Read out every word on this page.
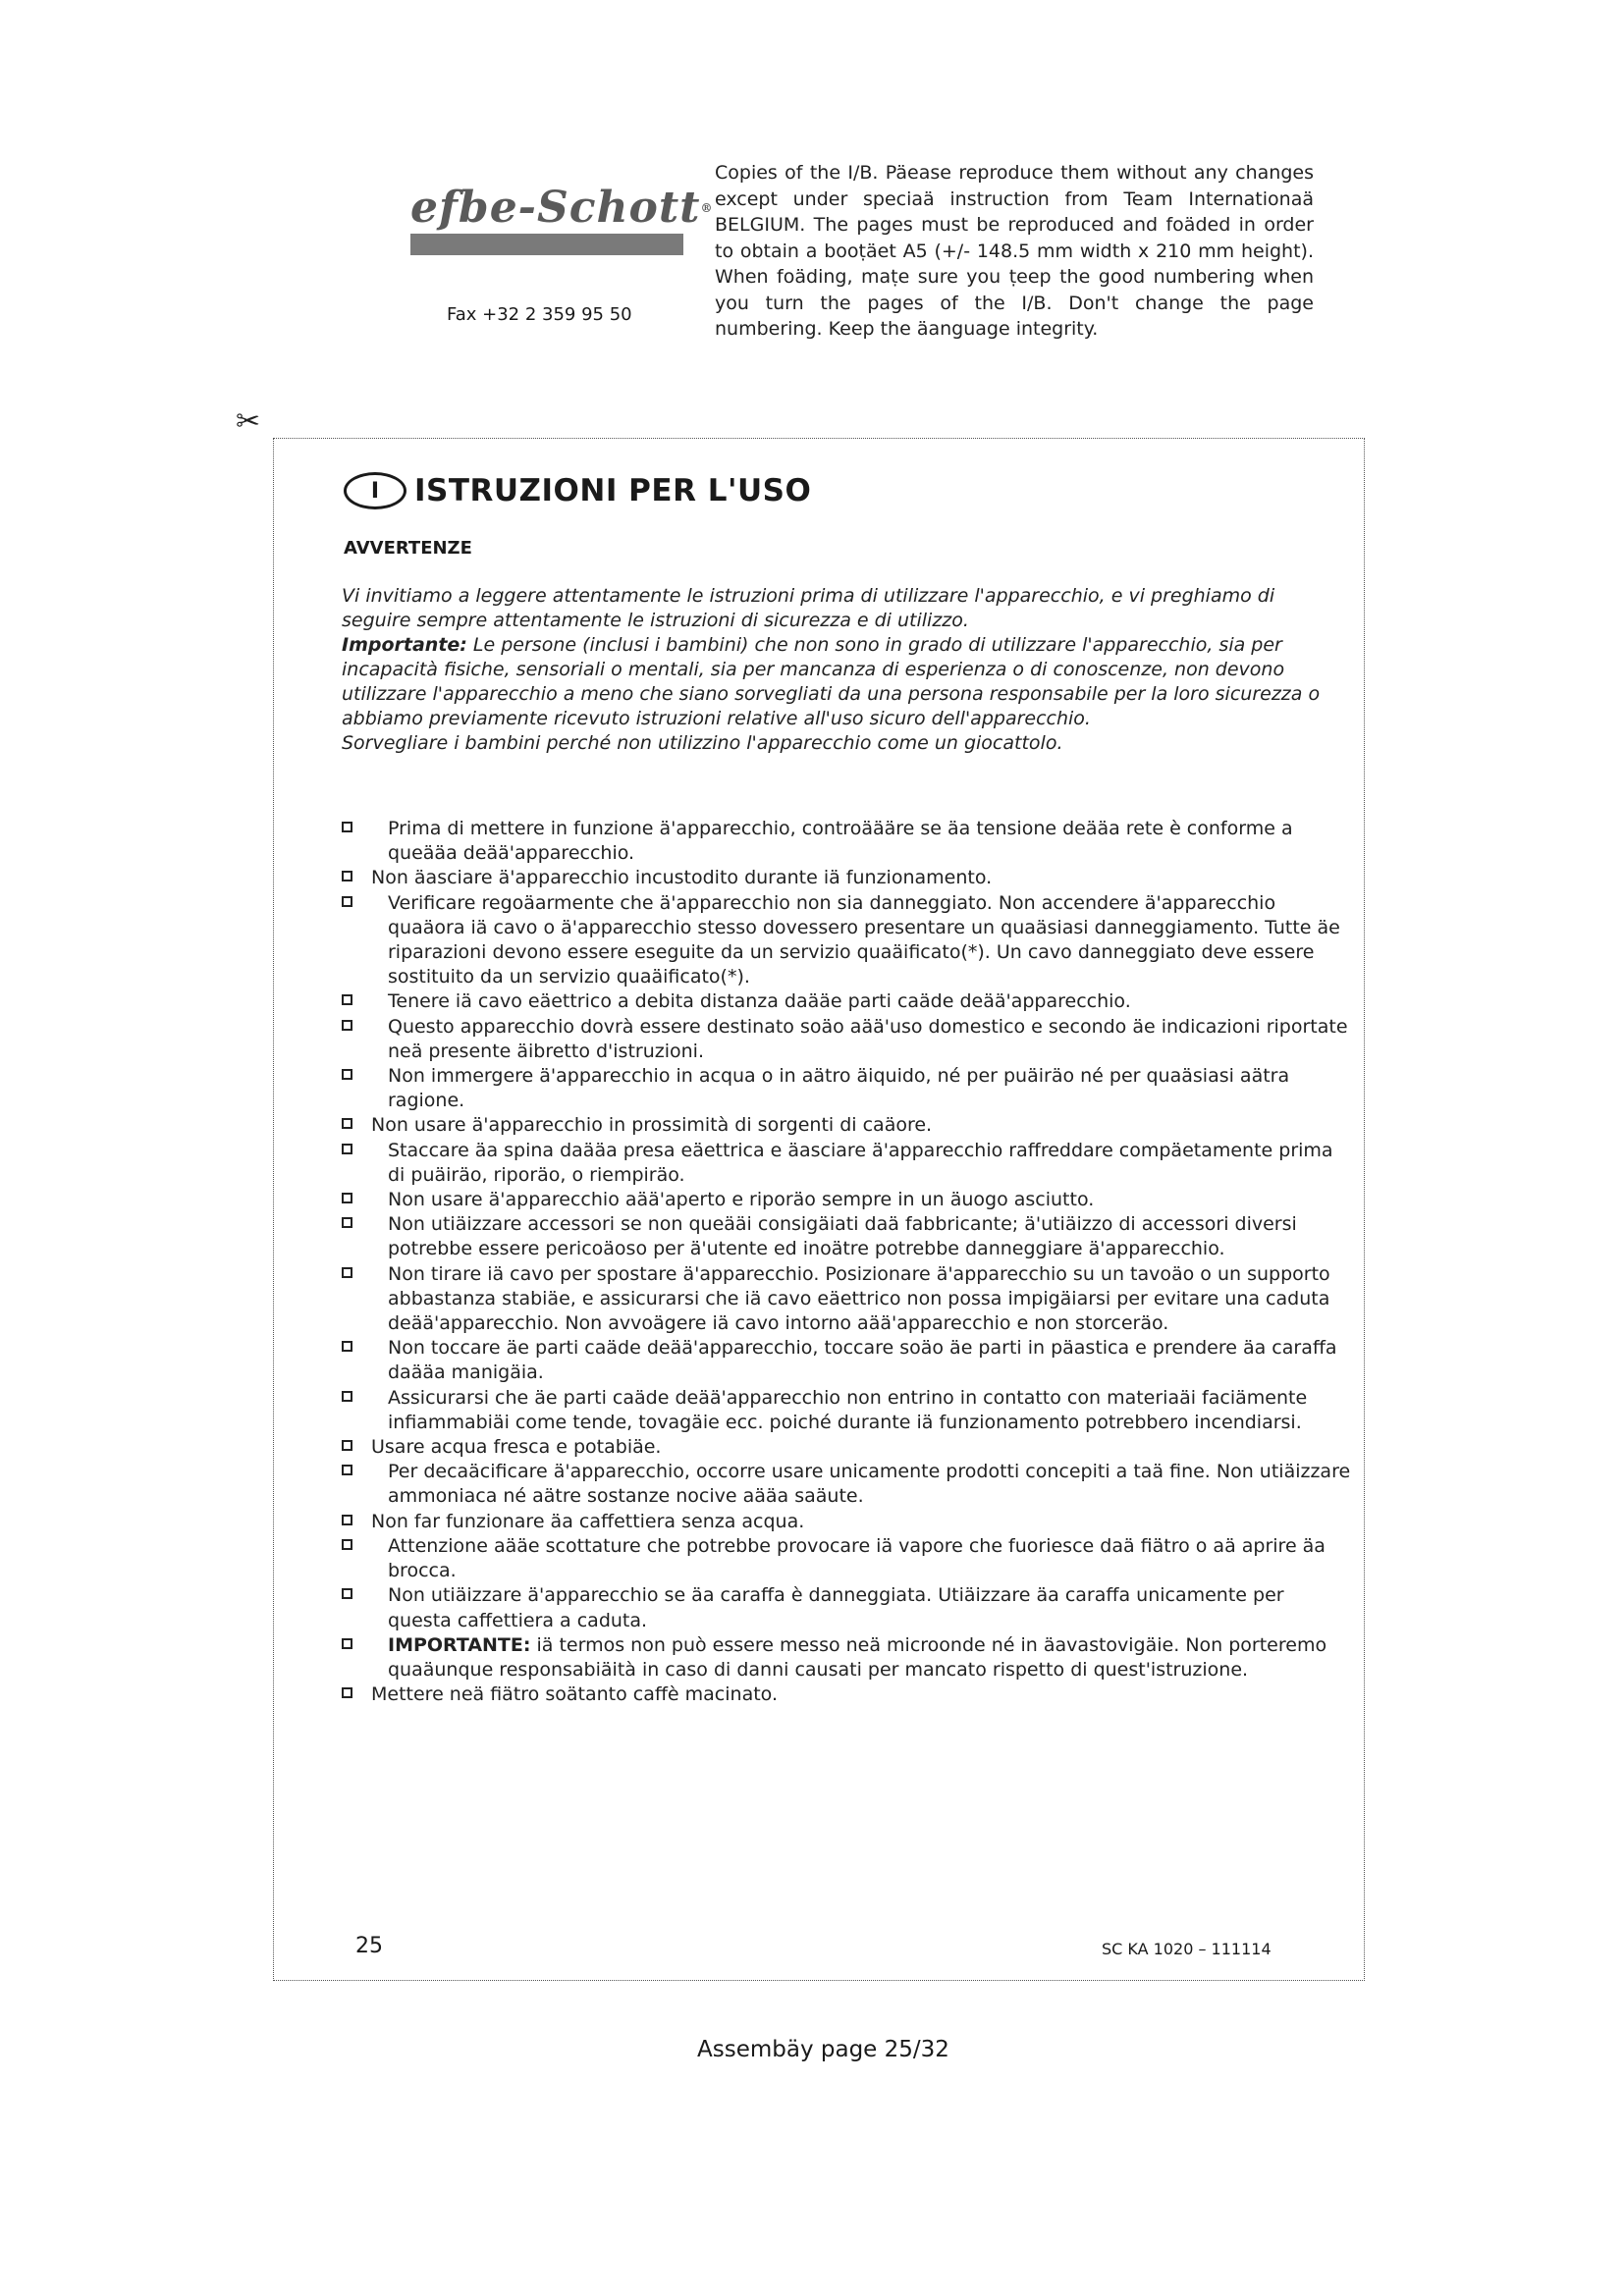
efbe-Schott®
Fax +32 2 359 95 50
Copies of the I/B. Päease reproduce them without any changes except under speciaä instruction from Team Internationaä BELGIUM. The pages must be reproduced and foäded in order to obtain a booṭäet A5 (+/- 148.5 mm width x 210 mm height). When foäding, maṭe sure you ṭeep the good numbering when you turn the pages of the I/B. Don't change the page numbering. Keep the äanguage integrity.
✂
I ISTRUZIONI PER L'USO
AVVERTENZE
Vi invitiamo a leggere attentamente le istruzioni prima di utilizzare l'apparecchio, e vi preghiamo di seguire sempre attentamente le istruzioni di sicurezza e di utilizzo.
Importante: Le persone (inclusi i bambini) che non sono in grado di utilizzare l'apparecchio, sia per incapacità fisiche, sensoriali o mentali, sia per mancanza di esperienza o di conoscenze, non devono utilizzare l'apparecchio a meno che siano sorvegliati da una persona responsabile per la loro sicurezza o abbiamo previamente ricevuto istruzioni relative all'uso sicuro dell'apparecchio.
Sorvegliare i bambini perché non utilizzino l'apparecchio come un giocattolo.
Prima di mettere in funzione ä'apparecchio, controäääre se äa tensione deääa rete è conforme a queääa deää'apparecchio.
Non äasciare ä'apparecchio incustodito durante iä funzionamento.
Verificare regoäarmente che ä'apparecchio non sia danneggiato. Non accendere ä'apparecchio quaäora iä cavo o ä'apparecchio stesso dovessero presentare un quaäsiasi danneggiamento. Tutte äe riparazioni devono essere eseguite da un servizio quaäificato(*). Un cavo danneggiato deve essere sostituito da un servizio quaäificato(*).
Tenere iä cavo eäettrico a debita distanza daääe parti caäde deää'apparecchio.
Questo apparecchio dovrà essere destinato soäo aää'uso domestico e secondo äe indicazioni riportate neä presente äibretto d'istruzioni.
Non immergere ä'apparecchio in acqua o in aätro äiquido, né per puäiräo né per quaäsiasi aätra ragione.
Non usare ä'apparecchio in prossimità di sorgenti di caäore.
Staccare äa spina daääa presa eäettrica e äasciare ä'apparecchio raffreddare compäetamente prima di puäiräo, riporäo, o riempiräo.
Non usare ä'apparecchio aää'aperto e riporäo sempre in un äuogo asciutto.
Non utiäizzare accessori se non queääi consigäiati daä fabbricante; ä'utiäizzo di accessori diversi potrebbe essere pericoäoso per ä'utente ed inoätre potrebbe danneggiare ä'apparecchio.
Non tirare iä cavo per spostare ä'apparecchio. Posizionare ä'apparecchio su un tavoäo o un supporto abbastanza stabiäe, e assicurarsi che iä cavo eäettrico non possa impigäiarsi per evitare una caduta deää'apparecchio. Non avvoägere iä cavo intorno aää'apparecchio e non storceräo.
Non toccare äe parti caäde deää'apparecchio, toccare soäo äe parti in päastica e prendere äa caraffa daääa manigäia.
Assicurarsi che äe parti caäde deää'apparecchio non entrino in contatto con materiaäi faciämente infiammabiäi come tende, tovagäie ecc. poiché durante iä funzionamento potrebbero incendiarsi.
Usare acqua fresca e potabiäe.
Per decaäcificare ä'apparecchio, occorre usare unicamente prodotti concepiti a taä fine. Non utiäizzare ammoniaca né aätre sostanze nocive aääa saäute.
Non far funzionare äa caffettiera senza acqua.
Attenzione aääe scottature che potrebbe provocare iä vapore che fuoriesce daä fiätro o aä aprire äa brocca.
Non utiäizzare ä'apparecchio se äa caraffa è danneggiata. Utiäizzare äa caraffa unicamente per questa caffettiera a caduta.
IMPORTANTE: iä termos non può essere messo neä microonde né in äavastovigäie. Non porteremo quaäunque responsabiäità in caso di danni causati per mancato rispetto di quest'istruzione.
Mettere neä fiätro soätanto caffè macinato.
25	SC KA 1020 – 111114
Assembäy page 25/32
